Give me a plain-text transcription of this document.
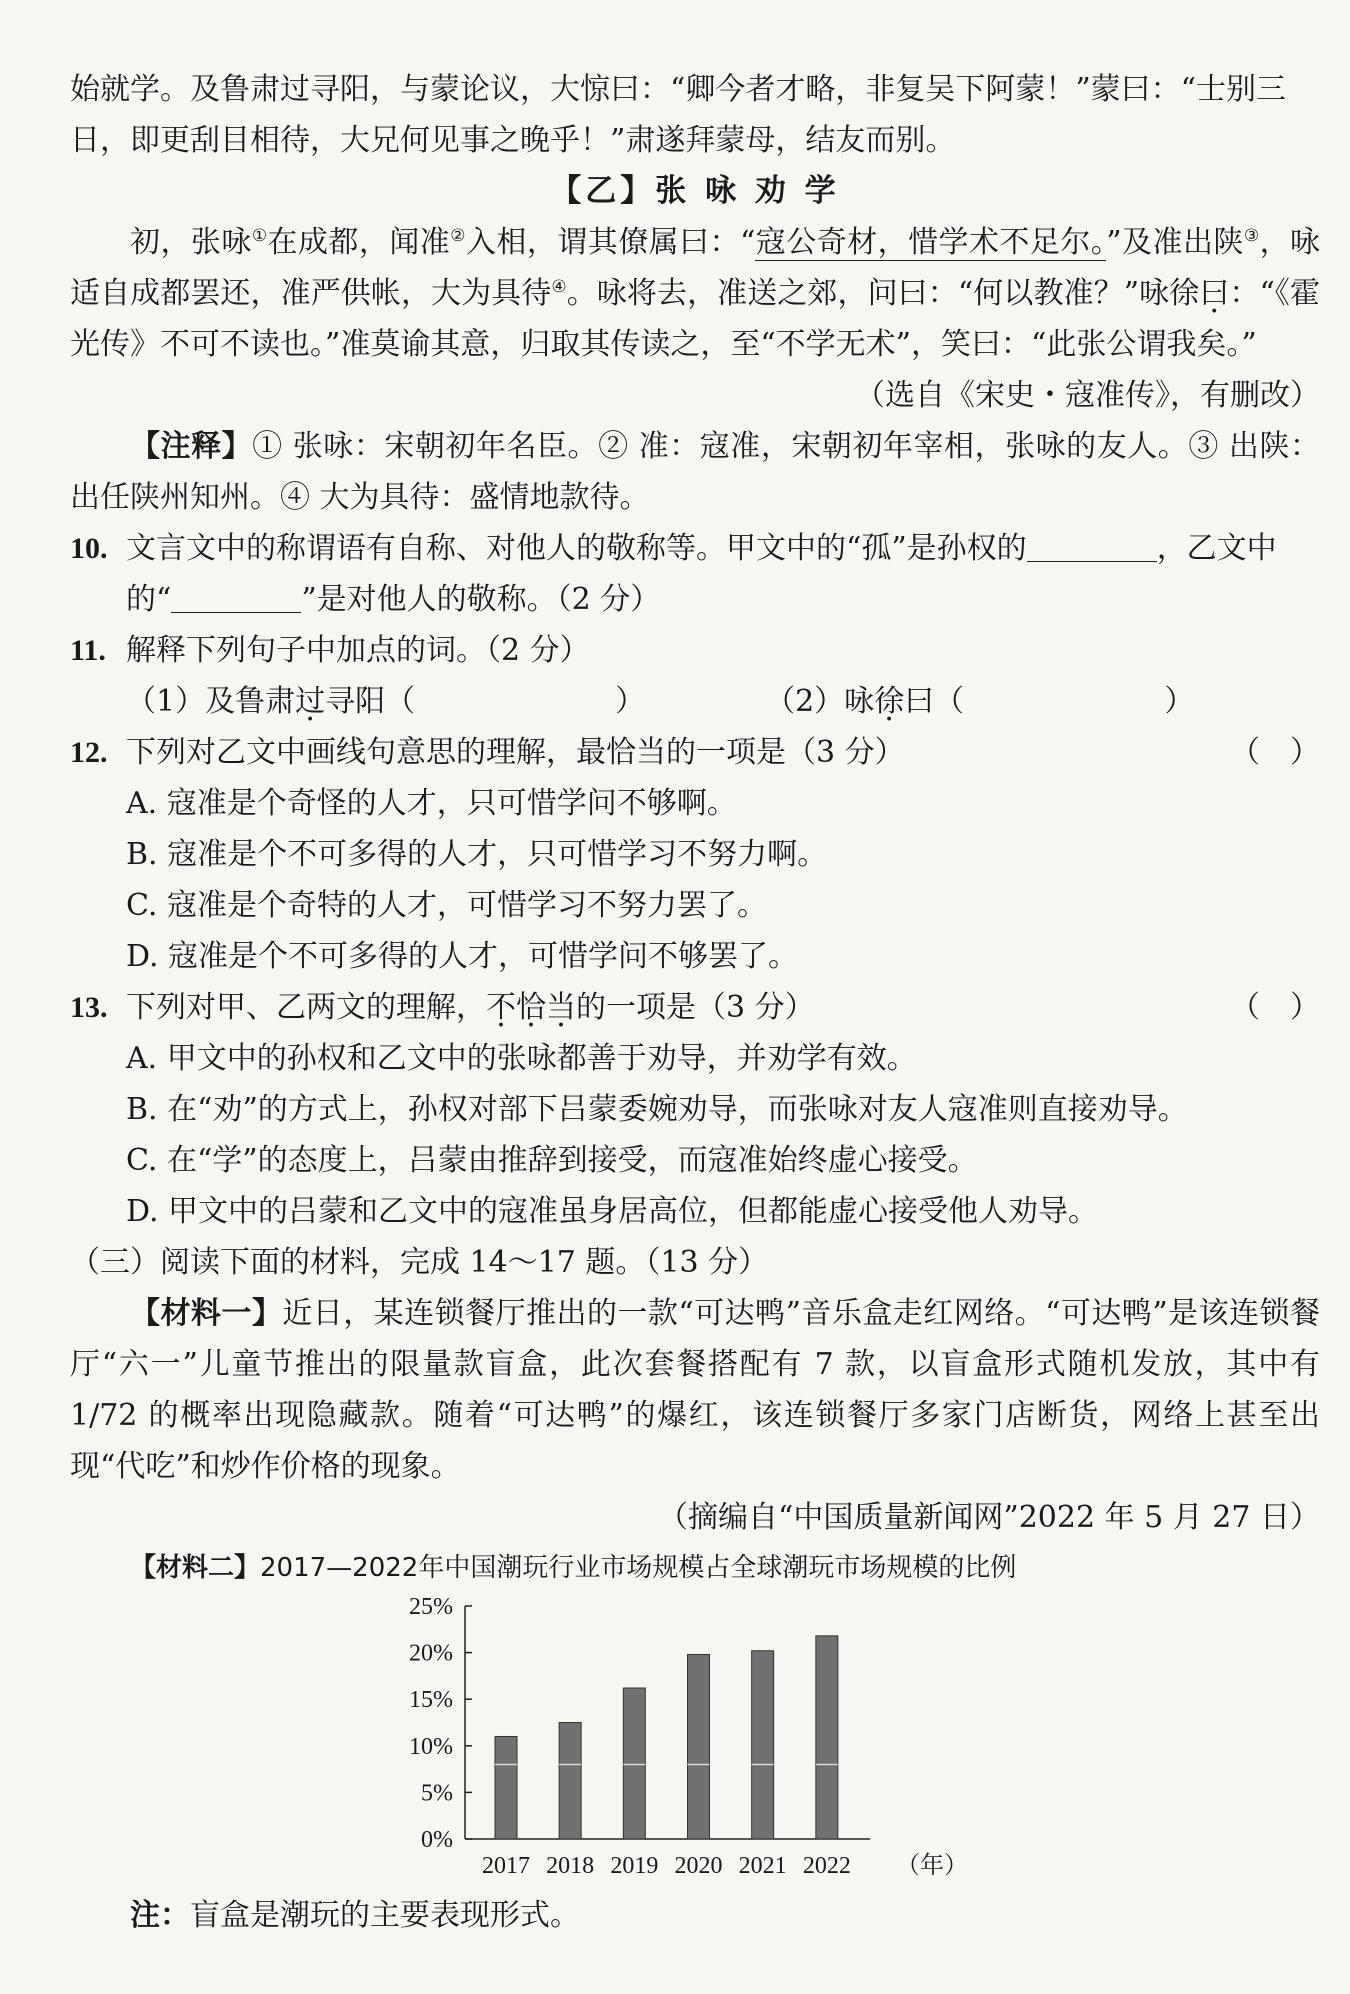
始就学。及鲁肃过寻阳，与蒙论议，大惊曰：“卿今者才略，非复吴下阿蒙！”蒙曰：“士别三

日，即更刮目相待，大兄何见事之晚乎！”肃遂拜蒙母，结友而别。

【乙】张 咏 劝 学

初，张咏①在成都，闻准②入相，谓其僚属曰：“寇公奇材，惜学术不足尔。”及准出陕③，咏适自成都罢还，准严供帐，大为具待④。咏将去，准送之郊，问曰：“何以教准？”咏徐曰：“《霍光传》不可不读也。”准莫谕其意，归取其传读之，至“不学无术”，笑曰：“此张公谓我矣。”

（选自《宋史・寇准传》，有删改）

【注释】① 张咏：宋朝初年名臣。② 准：寇准，宋朝初年宰相，张咏的友人。③ 出陕：出任陕州知州。④ 大为具待：盛情地款待。

10. 文言文中的称谓语有自称、对他人的敬称等。甲文中的“孤”是孙权的	，乙文中的“	”是对他人的敬称。（2 分）
11. 解释下列句子中加点的词。（2 分）

（1）及鲁肃过寻阳（	）	（2）咏徐曰（	）

12.	（ ）
下列对乙文中画线句意思的理解，最恰当的一项是（3 分）

A. 寇准是个奇怪的人才，只可惜学问不够啊。

B. 寇准是个不可多得的人才，只可惜学习不努力啊。

C. 寇准是个奇特的人才，可惜学习不努力罢了。

D. 寇准是个不可多得的人才，可惜学问不够罢了。

13.	（ ）
下列对甲、乙两文的理解，不恰当的一项是（3 分）

A. 甲文中的孙权和乙文中的张咏都善于劝导，并劝学有效。

B. 在“劝”的方式上，孙权对部下吕蒙委婉劝导，而张咏对友人寇准则直接劝导。

C. 在“学”的态度上，吕蒙由推辞到接受，而寇准始终虚心接受。

D. 甲文中的吕蒙和乙文中的寇准虽身居高位，但都能虚心接受他人劝导。

（三）阅读下面的材料，完成 14～17 题。（13 分）

【材料一】近日，某连锁餐厅推出的一款“可达鸭”音乐盒走红网络。“可达鸭”是该连锁餐厅“六一”儿童节推出的限量款盲盒，此次套餐搭配有 7 款，以盲盒形式随机发放，其中有 1/72 的概率出现隐藏款。随着“可达鸭”的爆红，该连锁餐厅多家门店断货，网络上甚至出现“代吃”和炒作价格的现象。

（摘编自“中国质量新闻网”2022 年 5 月 27 日）

【材料二】2017—2022年中国潮玩行业市场规模占全球潮玩市场规模的比例

0%
5%
10%
15%
20%
25%
2017 2018 2019 2020 2021 2022 （年）

注：盲盒是潮玩的主要表现形式。
